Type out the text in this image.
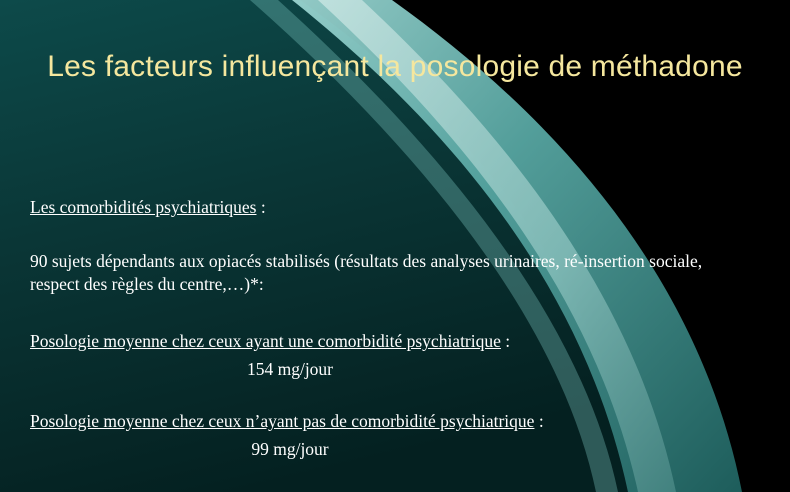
Les facteurs influençant la posologie de méthadone
Les comorbidités psychiatriques :
90 sujets dépendants aux opiacés stabilisés (résultats des analyses urinaires, ré-insertion sociale, respect des règles du centre,…)*:
Posologie moyenne chez ceux ayant une comorbidité psychiatrique :
154 mg/jour
Posologie moyenne chez ceux n’ayant pas de comorbidité psychiatrique :
99 mg/jour
